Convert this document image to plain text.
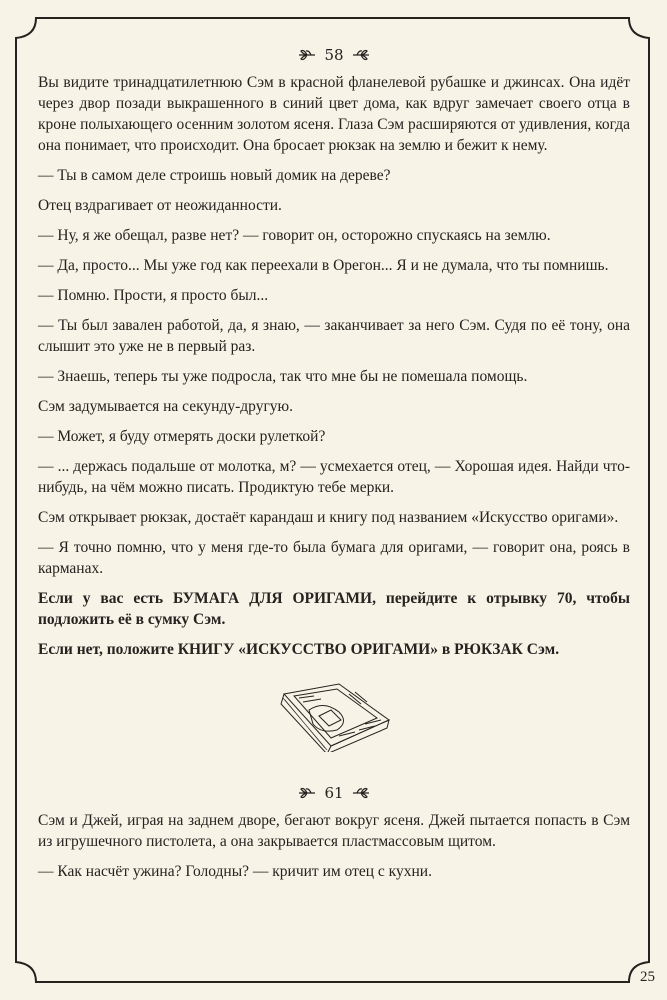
58

Вы видите тринадцатилетнюю Сэм в красной фланелевой рубашке и джинсах. Она идёт через двор позади выкрашенного в синий цвет дома, как вдруг замечает своего отца в кроне полыхающего осенним золотом ясеня. Глаза Сэм расширяются от удивления, когда она понимает, что происходит. Она бросает рюкзак на землю и бежит к нему.

— Ты в самом деле строишь новый домик на дереве?

Отец вздрагивает от неожиданности.

— Ну, я же обещал, разве нет? — говорит он, осторожно спускаясь на землю.

— Да, просто... Мы уже год как переехали в Орегон... Я и не думала, что ты помнишь.

— Помню. Прости, я просто был...

— Ты был завален работой, да, я знаю, — заканчивает за него Сэм. Судя по её тону, она слышит это уже не в первый раз.

— Знаешь, теперь ты уже подросла, так что мне бы не помешала помощь.

Сэм задумывается на секунду-другую.

— Может, я буду отмерять доски рулеткой?

— ... держась подальше от молотка, м? — усмехается отец, — Хорошая идея. Найди что-нибудь, на чём можно писать. Продиктую тебе мерки.

Сэм открывает рюкзак, достаёт карандаш и книгу под названием «Искусство оригами».

— Я точно помню, что у меня где-то была бумага для оригами, — говорит она, роясь в карманах.

Если у вас есть БУМАГА ДЛЯ ОРИГАМИ, перейдите к отрывку 70, чтобы подложить её в сумку Сэм.

Если нет, положите КНИГУ «ИСКУССТВО ОРИГАМИ» в РЮКЗАК Сэм.

61

Сэм и Джей, играя на заднем дворе, бегают вокруг ясеня. Джей пытается попасть в Сэм из игрушечного пистолета, а она закрывается пластмассовым щитом.

— Как насчёт ужина? Голодны? — кричит им отец с кухни.

25
